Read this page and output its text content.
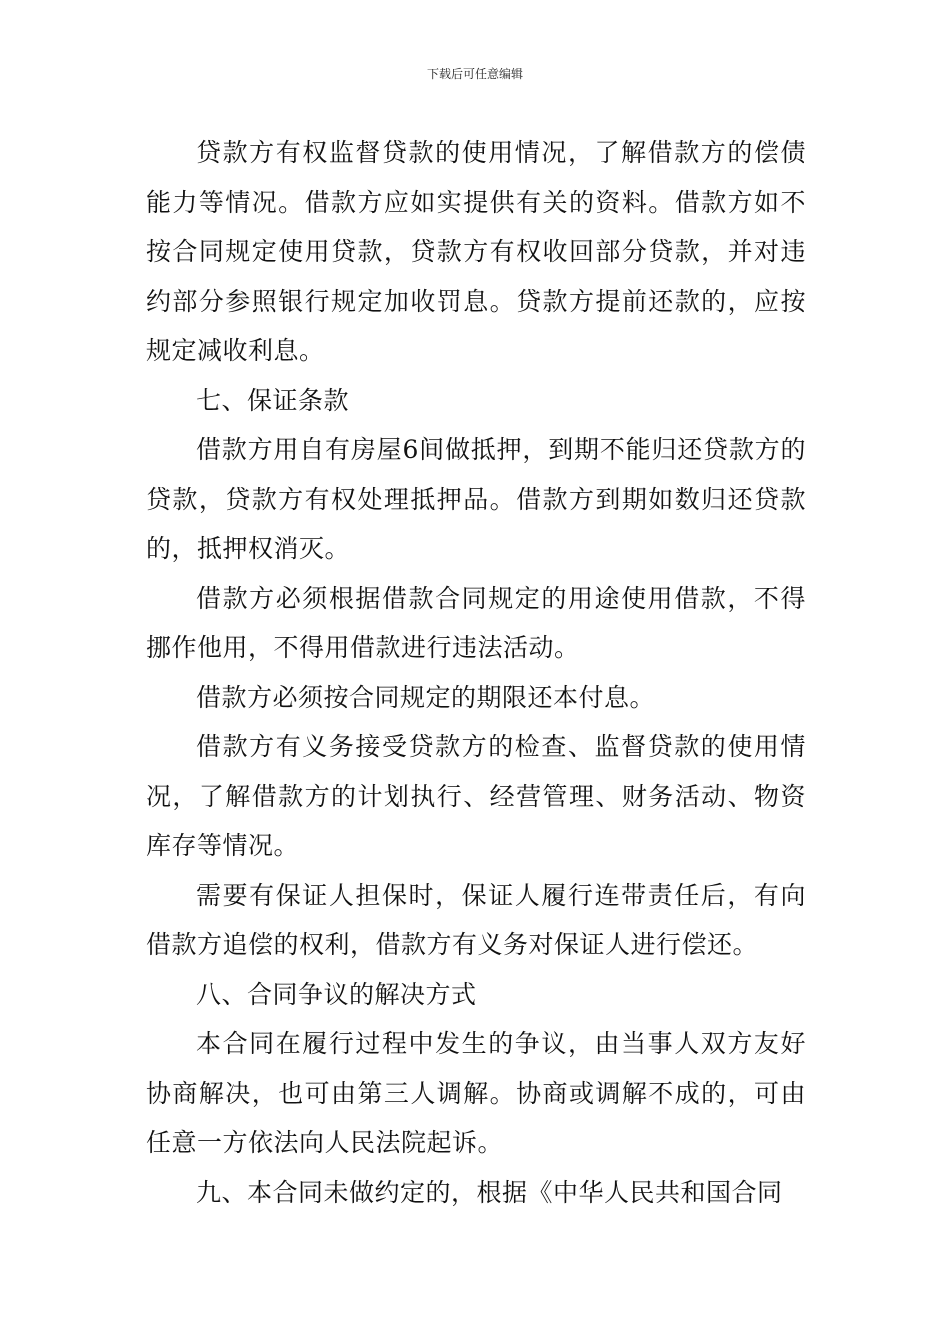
下载后可任意编辑

贷款方有权监督贷款的使用情况，了解借款方的偿债能力等情况。借款方应如实提供有关的资料。借款方如不按合同规定使用贷款，贷款方有权收回部分贷款，并对违约部分参照银行规定加收罚息。贷款方提前还款的，应按规定减收利息。

七、保证条款

借款方用自有房屋6间做抵押，到期不能归还贷款方的贷款，贷款方有权处理抵押品。借款方到期如数归还贷款的，抵押权消灭。

借款方必须根据借款合同规定的用途使用借款，不得挪作他用，不得用借款进行违法活动。

借款方必须按合同规定的期限还本付息。

借款方有义务接受贷款方的检查、监督贷款的使用情况，了解借款方的计划执行、经营管理、财务活动、物资库存等情况。

需要有保证人担保时，保证人履行连带责任后，有向借款方追偿的权利，借款方有义务对保证人进行偿还。

八、合同争议的解决方式

本合同在履行过程中发生的争议，由当事人双方友好协商解决，也可由第三人调解。协商或调解不成的，可由任意一方依法向人民法院起诉。

九、本合同未做约定的，根据《中华人民共和国合同
